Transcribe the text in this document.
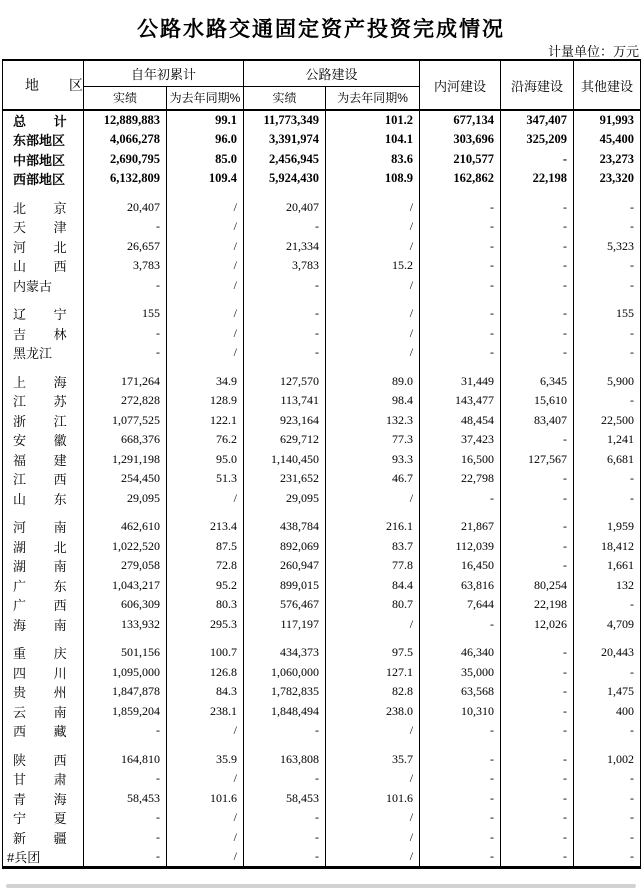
公路水路交通固定资产投资完成情况
计量单位：万元
地 区	自年初累计		公路建设		内河建设	沿海建设	其他建设
	实绩	为去年同期%	实绩	为去年同期%			
总 计	12,889,883	99.1	11,773,349	101.2	677,134	347,407	91,993
东部地区	4,066,278	96.0	3,391,974	104.1	303,696	325,209	45,400
中部地区	2,690,795	85.0	2,456,945	83.6	210,577	-	23,273
西部地区	6,132,809	109.4	5,924,430	108.9	162,862	22,198	23,320

北 京	20,407	/	20,407	/	-	-	-
天 津	-	/	-	/	-	-	-
河 北	26,657	/	21,334	/	-	-	5,323
山 西	3,783	/	3,783	15.2	-	-	-
内蒙古	-	/	-	/	-	-	-

辽 宁	155	/	-	/	-	-	155
吉 林	-	/	-	/	-	-	-
黑龙江	-	/	-	/	-	-	-

上 海	171,264	34.9	127,570	89.0	31,449	6,345	5,900
江 苏	272,828	128.9	113,741	98.4	143,477	15,610	-
浙 江	1,077,525	122.1	923,164	132.3	48,454	83,407	22,500
安 徽	668,376	76.2	629,712	77.3	37,423	-	1,241
福 建	1,291,198	95.0	1,140,450	93.3	16,500	127,567	6,681
江 西	254,450	51.3	231,652	46.7	22,798	-	-
山 东	29,095	/	29,095	/	-	-	-

河 南	462,610	213.4	438,784	216.1	21,867	-	1,959
湖 北	1,022,520	87.5	892,069	83.7	112,039	-	18,412
湖 南	279,058	72.8	260,947	77.8	16,450	-	1,661
广 东	1,043,217	95.2	899,015	84.4	63,816	80,254	132
广 西	606,309	80.3	576,467	80.7	7,644	22,198	-
海 南	133,932	295.3	117,197	/	-	12,026	4,709

重 庆	501,156	100.7	434,373	97.5	46,340	-	20,443
四 川	1,095,000	126.8	1,060,000	127.1	35,000	-	-
贵 州	1,847,878	84.3	1,782,835	82.8	63,568	-	1,475
云 南	1,859,204	238.1	1,848,494	238.0	10,310	-	400
西 藏	-	/	-	/	-	-	-

陕 西	164,810	35.9	163,808	35.7	-	-	1,002
甘 肃	-	/	-	/	-	-	-
青 海	58,453	101.6	58,453	101.6	-	-	-
宁 夏	-	/	-	/	-	-	-
新 疆	-	/	-	/	-	-	-
#兵团	-	/	-	/	-	-	-
